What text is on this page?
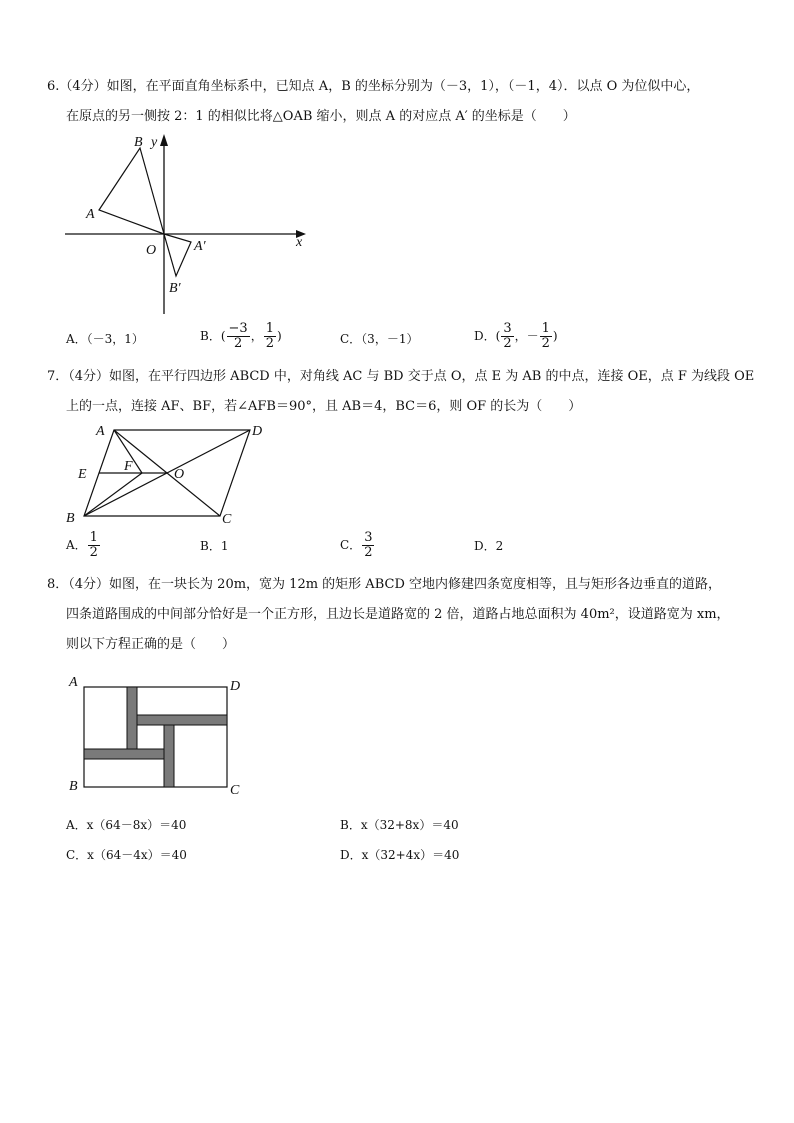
6.（4分）如图，在平面直角坐标系中，已知点 A，B 的坐标分别为（－3，1），（－1，4）．以点 O 为位似中心，
在原点的另一侧按 2：1 的相似比将△OAB 缩小，则点 A 的对应点 A′ 的坐标是（　　）
B y
A
O	A′	x
B′
A．（－3，1）	B．( $\frac{-3}{2}$ ， $\frac{1}{2}$ )	C．（3，－1）	D．( $\frac{3}{2}$ ，－ $\frac{1}{2}$ )
7．（4分）如图，在平行四边形 ABCD 中，对角线 AC 与 BD 交于点 O，点 E 为 AB 的中点，连接 OE，点 F 为线段 OE
上的一点，连接 AF、BF，若∠AFB＝90°，且 AB＝4，BC＝6，则 OF 的长为（　　）
A	D
E
F
O
B	C
A． $\frac{1}{2}$	B．1	C． $\frac{3}{2}$	D．2
8．（4分）如图，在一块长为 20m，宽为 12m 的矩形 ABCD 空地内修建四条宽度相等，且与矩形各边垂直的道路，
四条道路围成的中间部分恰好是一个正方形，且边长是道路宽的 2 倍，道路占地总面积为 40m²，设道路宽为 xm，
则以下方程正确的是（　　）
A	D
B	C
A．x（64－8x）＝40	B．x（32+8x）＝40
C．x（64－4x）＝40	D．x（32+4x）＝40
